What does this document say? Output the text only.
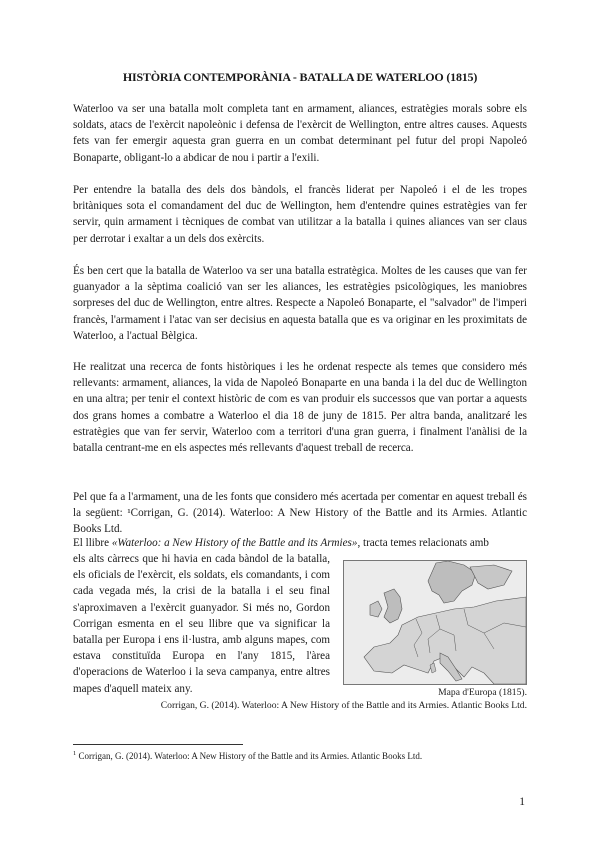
HISTÒRIA CONTEMPORÀNIA - BATALLA DE WATERLOO (1815)

Waterloo va ser una batalla molt completa tant en armament, aliances, estratègies morals sobre els soldats, atacs de l'exèrcit napoleònic i defensa de l'exèrcit de Wellington, entre altres causes. Aquests fets van fer emergir aquesta gran guerra en un combat determinant pel futur del propi Napoleó Bonaparte, obligant-lo a abdicar de nou i partir a l'exili.

Per entendre la batalla des dels dos bàndols, el francès liderat per Napoleó i el de les tropes britàniques sota el comandament del duc de Wellington, hem d'entendre quines estratègies van fer servir, quin armament i tècniques de combat van utilitzar a la batalla i quines aliances van ser claus per derrotar i exaltar a un dels dos exèrcits.

És ben cert que la batalla de Waterloo va ser una batalla estratègica. Moltes de les causes que van fer guanyador a la sèptima coalició van ser les aliances, les estratègies psicològiques, les maniobres sorpreses del duc de Wellington, entre altres. Respecte a Napoleó Bonaparte, el "salvador" de l'imperi francès, l'armament i l'atac van ser decisius en aquesta batalla que es va originar en les proximitats de Waterloo, a l'actual Bèlgica.

He realitzat una recerca de fonts històriques i les he ordenat respecte als temes que considero més rellevants: armament, aliances, la vida de Napoleó Bonaparte en una banda i la del duc de Wellington en una altra; per tenir el context històric de com es van produir els successos que van portar a aquests dos grans homes a combatre a Waterloo el dia 18 de juny de 1815. Per altra banda, analitzaré les estratègies que van fer servir, Waterloo com a territori d'una gran guerra, i finalment l'anàlisi de la batalla centrant-me en els aspectes més rellevants d'aquest treball de recerca.

Pel que fa a l'armament, una de les fonts que considero més acertada per comentar en aquest treball és la següent: ¹Corrigan, G. (2014). Waterloo: A New History of the Battle and its Armies. Atlantic Books Ltd.

El llibre «Waterloo: a New History of the Battle and its Armies», tracta temes relacionats amb

els alts càrrecs que hi havia en cada bàndol de la batalla, els oficials de l'exèrcit, els soldats, els comandants, i com cada vegada més, la crisi de la batalla i el seu final s'aproximaven a l'exèrcit guanyador. Si més no, Gordon Corrigan esmenta en el seu llibre que va significar la batalla per Europa i ens il·lustra, amb alguns mapes, com estava constituïda Europa en l'any 1815, l'àrea d'operacions de Waterloo i la seva campanya, entre altres mapes d'aquell mateix any.	Mapa d'Europa (1815).
Corrigan, G. (2014). Waterloo: A New History of the Battle and its Armies. Atlantic Books Ltd.
$^1$ Corrigan, G. (2014). Waterloo: A New History of the Battle and its Armies. Atlantic Books Ltd.
1
